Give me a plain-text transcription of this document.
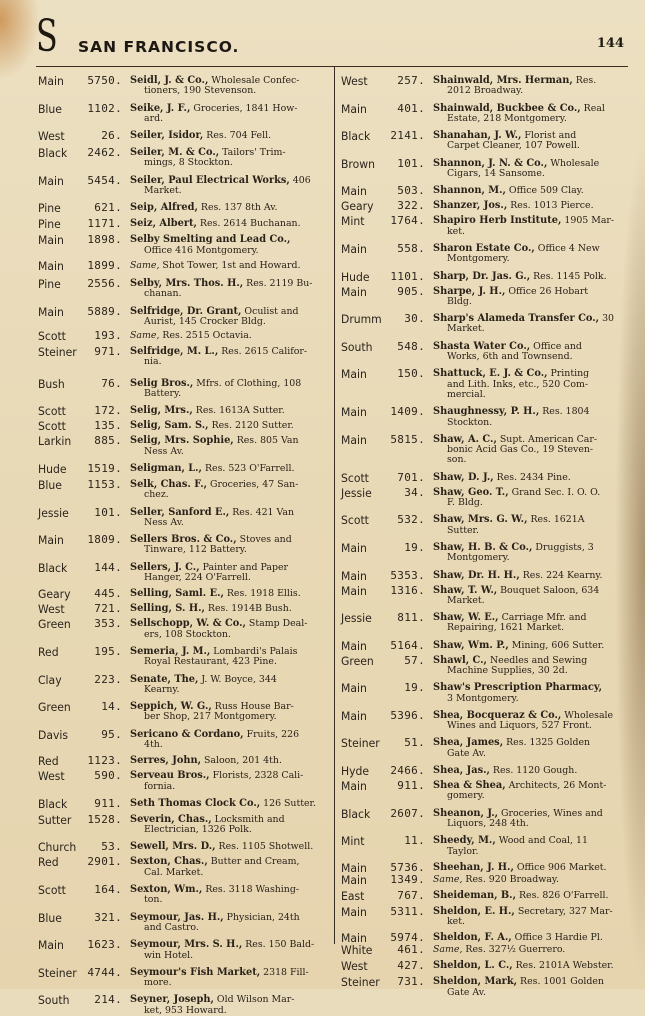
S SAN FRANCISCO.	144
Main	5750. Seidl, J. & Co., Wholesale Confec-
tioners, 190 Stevenson.
Blue	1102. Seike, J. F., Groceries, 1841 How-
ard.
West	26. Seiler, Isidor, Res. 704 Fell.
Black	2462. Seiler, M. & Co., Tailors' Trim-
mings, 8 Stockton.
Main	5454. Seiler, Paul Electrical Works, 406
Market.
Pine	621. Seip, Alfred, Res. 137 8th Av.
Pine	1171. Seiz, Albert, Res. 2614 Buchanan.
Main	1898. Selby Smelting and Lead Co.,
Office 416 Montgomery.
Main	1899. Same, Shot Tower, 1st and Howard.
Pine	2556. Selby, Mrs. Thos. H., Res. 2119 Bu-
chanan.
Main	5889. Selfridge, Dr. Grant, Oculist and
Aurist, 145 Crocker Bldg.
Scott	193. Same, Res. 2515 Octavia.
Steiner	971. Selfridge, M. L., Res. 2615 Califor-
nia.
Bush	76. Selig Bros., Mfrs. of Clothing, 108
Battery.
Scott	172. Selig, Mrs., Res. 1613A Sutter.
Scott	135. Selig, Sam. S., Res. 2120 Sutter.
Larkin	885. Selig, Mrs. Sophie, Res. 805 Van
Ness Av.
Hude	1519. Seligman, L., Res. 523 O'Farrell.
Blue	1153. Selk, Chas. F., Groceries, 47 San-
chez.
Jessie	101. Seller, Sanford E., Res. 421 Van
Ness Av.
Main	1809. Sellers Bros. & Co., Stoves and
Tinware, 112 Battery.
Black	144. Sellers, J. C., Painter and Paper
Hanger, 224 O'Farrell.
Geary	445. Selling, Saml. E., Res. 1918 Ellis.
West	721. Selling, S. H., Res. 1914B Bush.
Green	353. Sellschopp, W. & Co., Stamp Deal-
ers, 108 Stockton.
Red	195. Semeria, J. M., Lombardi's Palais
Royal Restaurant, 423 Pine.
Clay	223. Senate, The, J. W. Boyce, 344
Kearny.
Green	14. Seppich, W. G., Russ House Bar-
ber Shop, 217 Montgomery.
Davis	95. Sericano & Cordano, Fruits, 226
4th.
Red	1123. Serres, John, Saloon, 201 4th.
West	590. Serveau Bros., Florists, 2328 Cali-
fornia.
Black	911. Seth Thomas Clock Co., 126 Sutter.
Sutter	1528. Severin, Chas., Locksmith and
Electrician, 1326 Polk.
Church	53. Sewell, Mrs. D., Res. 1105 Shotwell.
Red	2901. Sexton, Chas., Butter and Cream,
Cal. Market.
Scott	164. Sexton, Wm., Res. 3118 Washing-
ton.
Blue	321. Seymour, Jas. H., Physician, 24th
and Castro.
Main	1623. Seymour, Mrs. S. H., Res. 150 Bald-
win Hotel.
Steiner 4744. Seymour's Fish Market, 2318 Fill-
more.
South	214. Seyner, Joseph, Old Wilson Mar-
ket, 953 Howard.
West	257. Shainwald, Mrs. Herman, Res.
2012 Broadway.
Main	401. Shainwald, Buckbee & Co., Real
Estate, 218 Montgomery.
Black	2141. Shanahan, J. W., Florist and
Carpet Cleaner, 107 Powell.
Brown	101. Shannon, J. N. & Co., Wholesale
Cigars, 14 Sansome.
Main	503. Shannon, M., Office 509 Clay.
Geary	322. Shanzer, Jos., Res. 1013 Pierce.
Mint	1764. Shapiro Herb Institute, 1905 Mar-
ket.
Main	558. Sharon Estate Co., Office 4 New
Montgomery.
Hude	1101. Sharp, Dr. Jas. G., Res. 1145 Polk.
Main	905. Sharpe, J. H., Office 26 Hobart
Bldg.
Drumm	30. Sharp's Alameda Transfer Co., 30
Market.
South	548. Shasta Water Co., Office and
Works, 6th and Townsend.
Main	150. Shattuck, E. J. & Co., Printing
and Lith. Inks, etc., 520 Com-
mercial.
Main	1409. Shaughnessy, P. H., Res. 1804
Stockton.
Main	5815. Shaw, A. C., Supt. American Car-
bonic Acid Gas Co., 19 Steven-
son.
Scott	701. Shaw, D. J., Res. 2434 Pine.
Jessie	34. Shaw, Geo. T., Grand Sec. I. O. O.
F. Bldg.
Scott	532. Shaw, Mrs. G. W., Res. 1621A
Sutter.
Main	19. Shaw, H. B. & Co., Druggists, 3
Montgomery.
Main	5353. Shaw, Dr. H. H., Res. 224 Kearny.
Main	1316. Shaw, T. W., Bouquet Saloon, 634
Market.
Jessie	811. Shaw, W. E., Carriage Mfr. and
Repairing, 1621 Market.
Main	5164. Shaw, Wm. P., Mining, 606 Sutter.
Green	57. Shawl, C., Needles and Sewing
Machine Supplies, 30 2d.
Main	19. Shaw's Prescription Pharmacy,
3 Montgomery.
Main	5396. Shea, Bocqueraz & Co., Wholesale
Wines and Liquors, 527 Front.
Steiner	51. Shea, James, Res. 1325 Golden
Gate Av.
Hyde	2466. Shea, Jas., Res. 1120 Gough.
Main	911. Shea & Shea, Architects, 26 Mont-
gomery.
Black	2607. Sheanon, J., Groceries, Wines and
Liquors, 248 4th.
Mint	11. Sheedy, M., Wood and Coal, 11
Taylor.
Main	5736. Sheehan, J. H., Office 906 Market.
Main	1349. Same, Res. 920 Broadway.
East	767. Sheideman, B., Res. 826 O'Farrell.
Main	5311. Sheldon, E. H., Secretary, 327 Mar-
ket.
Main	5974. Sheldon, F. A., Office 3 Hardie Pl.
White	461. Same, Res. 327½ Guerrero.
West	427. Sheldon, L. C., Res. 2101A Webster.
Steiner	731. Sheldon, Mark, Res. 1001 Golden
Gate Av.
